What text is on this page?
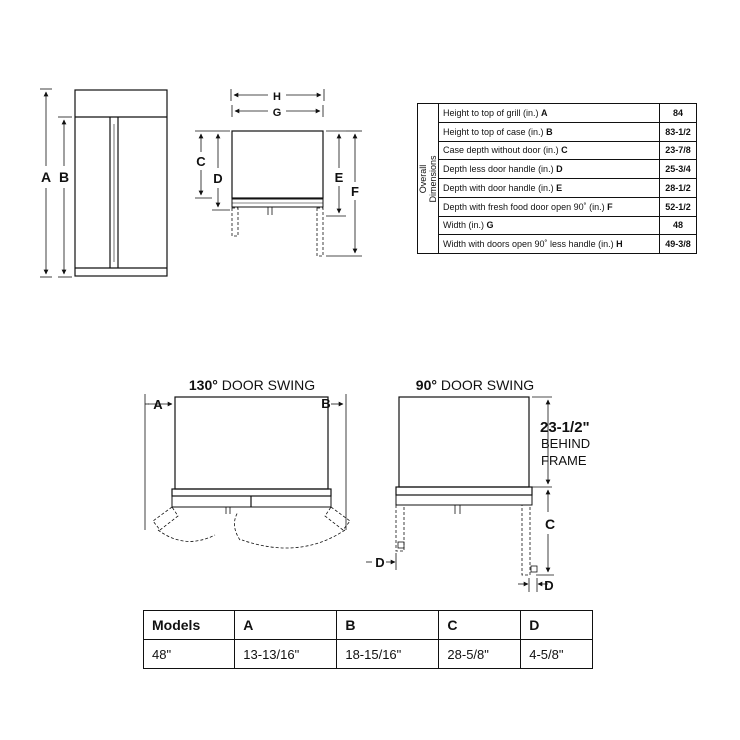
A B
H
G
C
D	E
F
130° DOOR SWING
A	B
90° DOOR SWING
23-1/2"
BEHIND
FRAME
C
D
D
Overall Dimensions	Height to top of grill (in.) A	84
	Height to top of case (in.) B	83-1/2
	Case depth without door (in.) C	23-7/8
	Depth less door handle (in.) D	25-3/4
	Depth with door handle (in.) E	28-1/2
	Depth with fresh food door open 90˚ (in.) F	52-1/2
	Width (in.) G	48
	Width with doors open 90˚ less handle (in.) H	49-3/8
Models	A	B	C	D
48"	13-13/16"	18-15/16"	28-5/8"	4-5/8"
